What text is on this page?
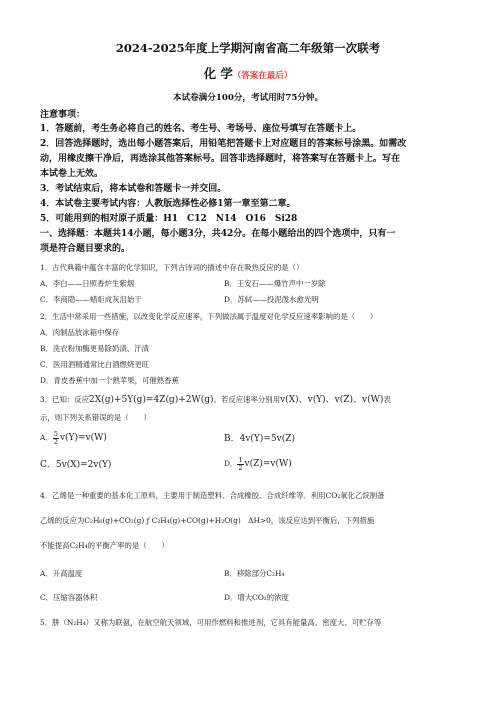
2024-2025年度上学期河南省高二年级第一次联考
化 学（答案在最后）
本试卷满分100分，考试用时75分钟。
注意事项：
1．答题前，考生务必将自己的姓名、考生号、考场号、座位号填写在答题卡上。
2．回答选择题时，选出每小题答案后，用铅笔把答题卡上对应题目的答案标号涂黑。如需改
动，用橡皮擦干净后，再选涂其他答案标号。回答非选择题时，将答案写在答题卡上。写在
本试卷上无效。
3．考试结束后，将本试卷和答题卡一并交回。
4．本试卷主要考试内容：人教版选择性必修1第一章至第二章。
5．可能用到的相对原子质量：H1　C12　N14　O16　Si28
一、选择题：本题共14小题，每小题3分，共42分。在每小题给出的四个选项中，只有一
项是符合题目要求的。
1．古代典籍中蕴含丰富的化学知识，下列古诗词的描述中存在吸热反应的是（）
A．李白——日照香炉生紫烟	B．王安石——爆竹声中一岁除
C．李商隐——蜡炬成灰泪始干	D．苏轼——投泥泼水愈光明
2．生活中常采用一些措施，以改变化学反应速率，下列做法属于温度对化学反应速率影响的是（　　）
A．肉制品放冰箱中保存
B．洗衣粉加酶更易除奶渍、汗渍
C．医用酒精通常比白酒燃烧更旺
D．青皮香蕉中加一个熟苹果，可催熟香蕉
3．已知：反应2X(g)+5Y(g)=4Z(g)+2W(g)。若反应速率分别用v(X)、v(Y)、v(Z)、v(W)表
示，则下列关系错误的是（　　）
A． $\frac{5}{2} v(Y)=v(W)$	B．4v(Y)=5v(Z)
C．5v(X)=2v(Y)	D． $\frac{1}{2} v(Z)=v(W)$
4．乙烯是一种重要的基本化工原料，主要用于制造塑料、合成橡胶、合成纤维等。利用CO₂氧化乙烷制备
乙烯的反应为C₂H₆(g)+CO₂(g) ƒ C₂H₄(g)+CO(g)+H₂O(g)　ΔH>0，该反应达到平衡后，下列措施
不能提高C₂H₄的平衡产率的是（　　）
A．升高温度	B．移除部分C₂H₄
C．压缩容器体积	D．增大CO₂的浓度
5．肼（N₂H₄）又称为联氨，在航空航天领域，可用作燃料和推进剂，它具有能量高、密度大、可贮存等
